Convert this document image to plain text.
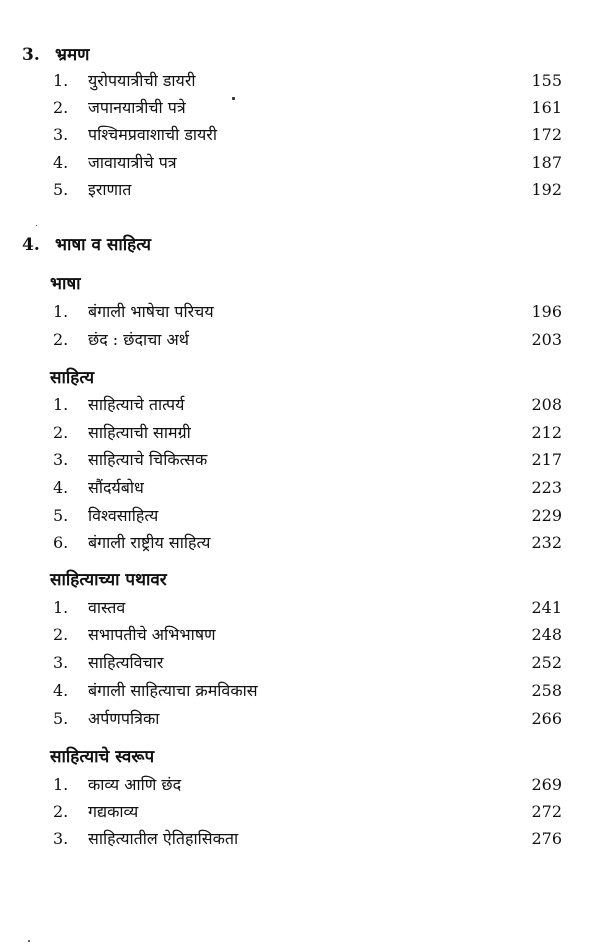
3. भ्रमण
1. युरोपयात्रीची डायरी	155
2. जपानयात्रीची पत्रे	161
3. पश्चिमप्रवाशाची डायरी	172
4. जावायात्रीचे पत्र	187
5. इराणात	192
4. भाषा व साहित्य
भाषा
1. बंगाली भाषेचा परिचय	196
2. छंद : छंदाचा अर्थ	203
साहित्य
1. साहित्याचे तात्पर्य	208
2. साहित्याची सामग्री	212
3. साहित्याचे चिकित्सक	217
4. सौंदर्यबोध	223
5. विश्वसाहित्य	229
6. बंगाली राष्ट्रीय साहित्य	232
साहित्याच्या पथावर
1. वास्तव	241
2. सभापतीचे अभिभाषण	248
3. साहित्यविचार	252
4. बंगाली साहित्याचा क्रमविकास	258
5. अर्पणपत्रिका	266
साहित्याचे स्वरूप
1. काव्य आणि छंद	269
2. गद्यकाव्य	272
3. साहित्यातील ऐतिहासिकता	276
